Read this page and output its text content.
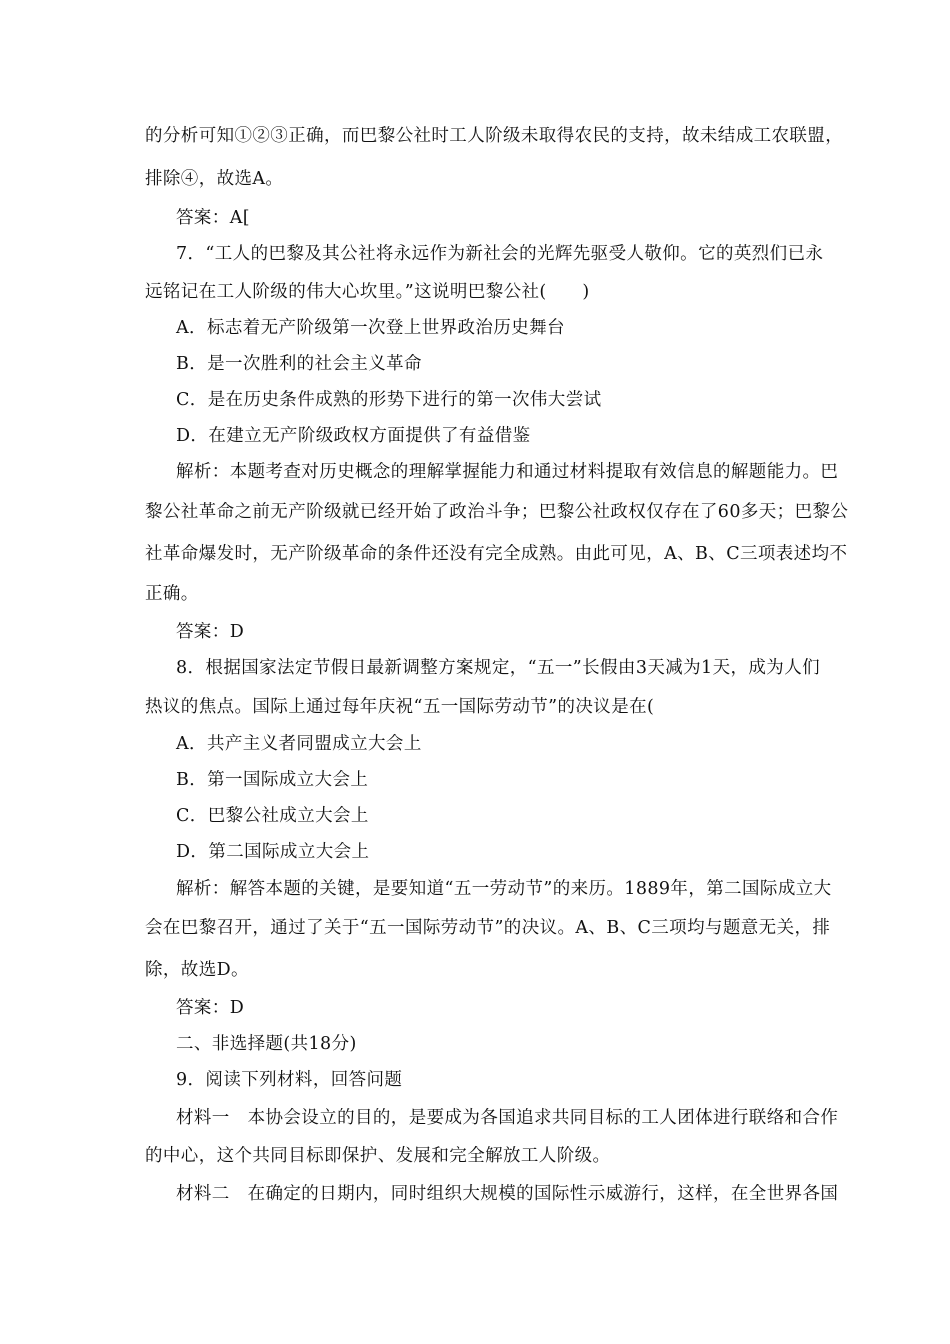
的分析可知①②③正确，而巴黎公社时工人阶级未取得农民的支持，故未结成工农联盟，
排除④，故选A。
答案：A[
7．“工人的巴黎及其公社将永远作为新社会的光辉先驱受人敬仰。它的英烈们已永
远铭记在工人阶级的伟大心坎里。”这说明巴黎公社(　　)
A．标志着无产阶级第一次登上世界政治历史舞台
B．是一次胜利的社会主义革命
C．是在历史条件成熟的形势下进行的第一次伟大尝试
D．在建立无产阶级政权方面提供了有益借鉴
解析：本题考查对历史概念的理解掌握能力和通过材料提取有效信息的解题能力。巴
黎公社革命之前无产阶级就已经开始了政治斗争；巴黎公社政权仅存在了60多天；巴黎公
社革命爆发时，无产阶级革命的条件还没有完全成熟。由此可见，A、B、C三项表述均不
正确。
答案：D
8．根据国家法定节假日最新调整方案规定，“五一”长假由3天减为1天，成为人们
热议的焦点。国际上通过每年庆祝“五一国际劳动节”的决议是在(
A．共产主义者同盟成立大会上
B．第一国际成立大会上
C．巴黎公社成立大会上
D．第二国际成立大会上
解析：解答本题的关键，是要知道“五一劳动节”的来历。1889年，第二国际成立大
会在巴黎召开，通过了关于“五一国际劳动节”的决议。A、B、C三项均与题意无关，排
除，故选D。
答案：D
二、非选择题(共18分)
9．阅读下列材料，回答问题
材料一　本协会设立的目的，是要成为各国追求共同目标的工人团体进行联络和合作
的中心，这个共同目标即保护、发展和完全解放工人阶级。
材料二　在确定的日期内，同时组织大规模的国际性示威游行，这样，在全世界各国
